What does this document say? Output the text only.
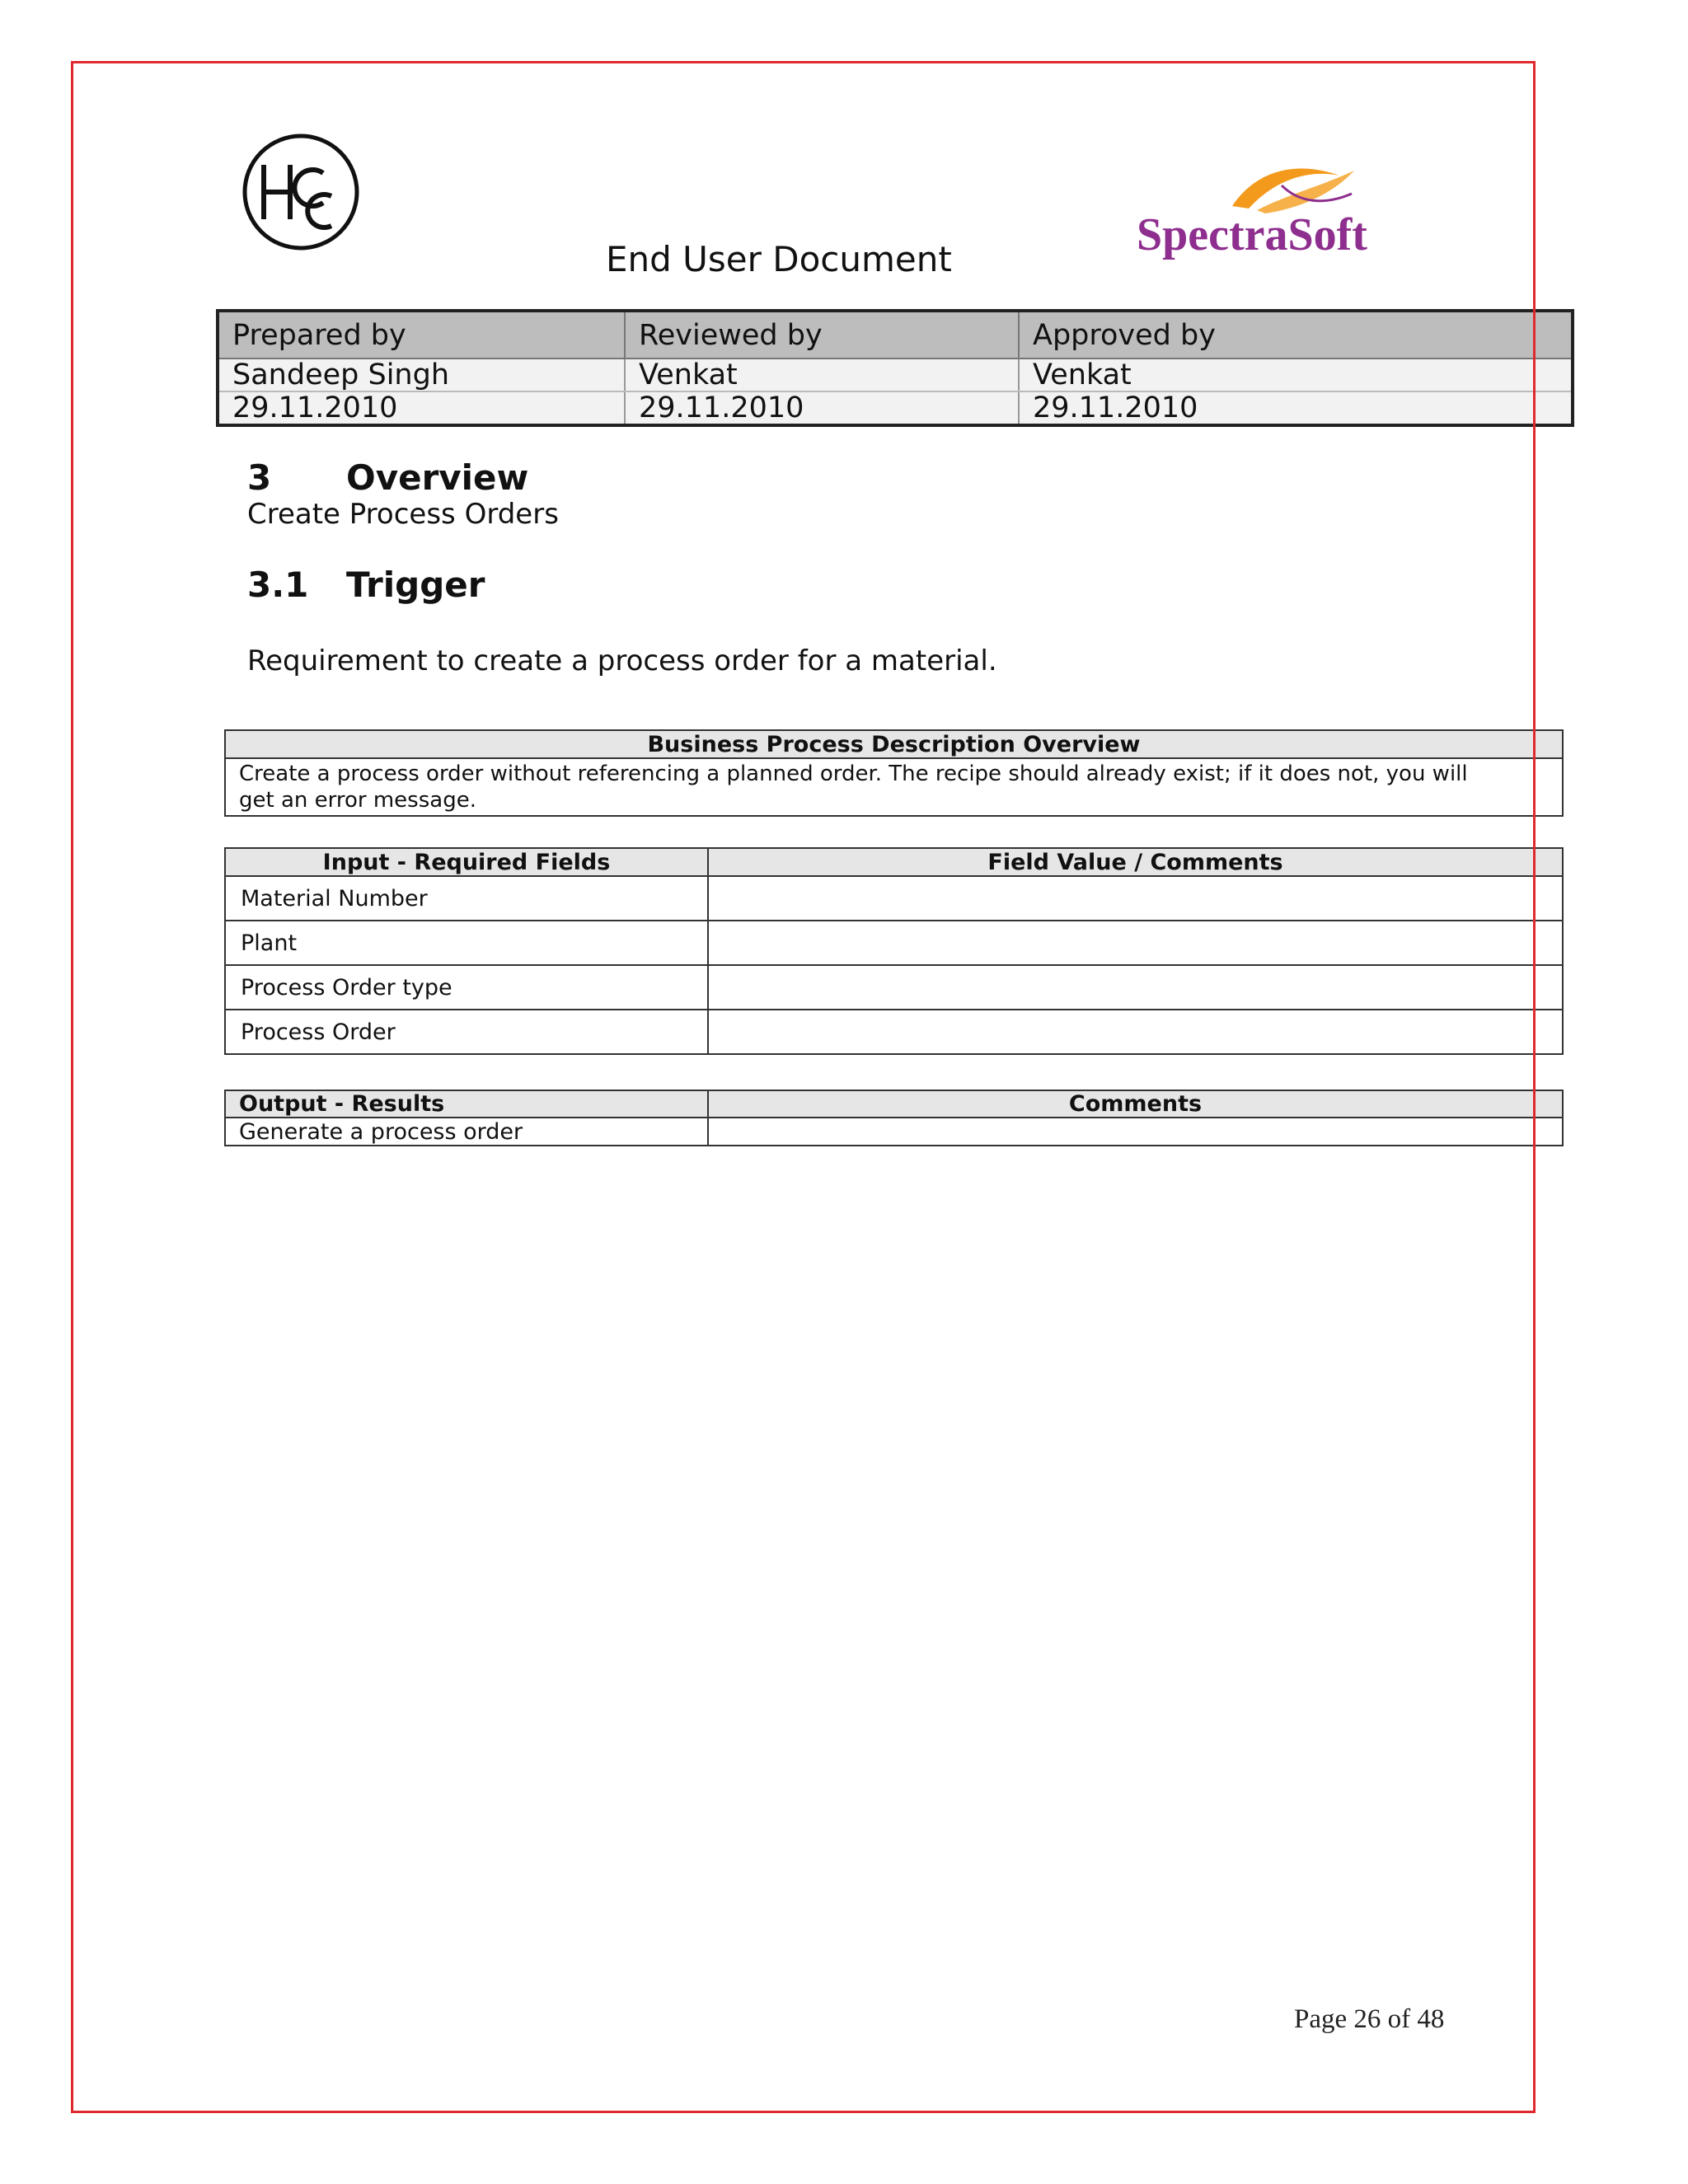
SpectraSoft
End User Document
Prepared by	Reviewed by	Approved by
Sandeep Singh	Venkat	Venkat
29.11.2010	29.11.2010	29.11.2010
3 Overview
Create Process Orders
3.1 Trigger
Requirement to create a process order for a material.
Business Process Description Overview

Create a process order without referencing a planned order. The recipe should already exist; if it does not, you will
get an error message.
Input - Required Fields	Field Value / Comments
Material Number	
Plant	
Process Order type	
Process Order	
Output - Results	Comments
Generate a process order	
Page 26 of 48
